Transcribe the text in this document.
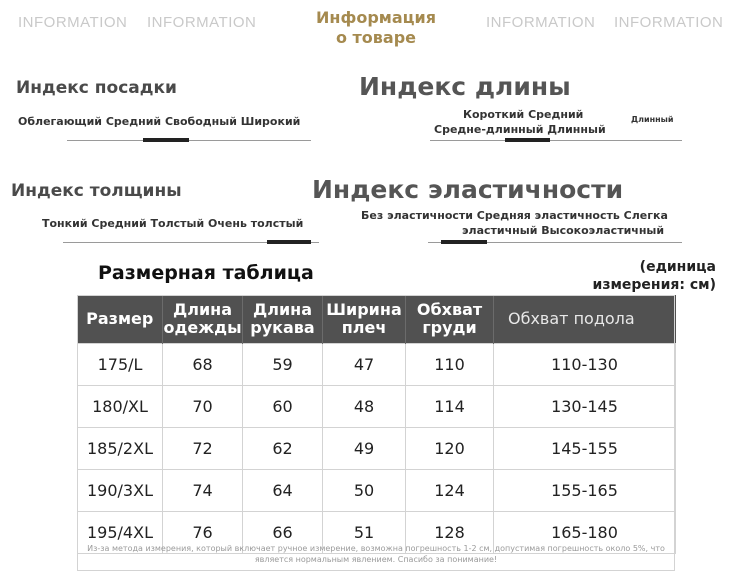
INFORMATION INFORMATION	Информация
о товаре
INFORMATION INFORMATION
Индекс посадки
Облегающий Средний Свободный Широкий
Индекс длины
Короткий Средний
Средне-длинный Длинный
Длинный
Индекс толщины
Тонкий Средний Толстый Очень толстый
Индекс эластичности
Без эластичности Средняя эластичность Слегка
эластичный Высокоэластичный
Размерная таблица	(единица
измерения: см)
Размер	Длина одежды	Длина рукава	Ширина плеч	Обхват груди	Обхват подола
175/L	68	59	47	110	110-130
180/XL	70	60	48	114	130-145
185/2XL	72	62	49	120	145-155
190/3XL	74	64	50	124	155-165
195/4XL	76	66	51	128	165-180
Из-за метода измерения, который включает ручное измерение, возможна погрешность 1-2 см, допустимая погрешность около 5%, что является нормальным явлением. Спасибо за понимание!
